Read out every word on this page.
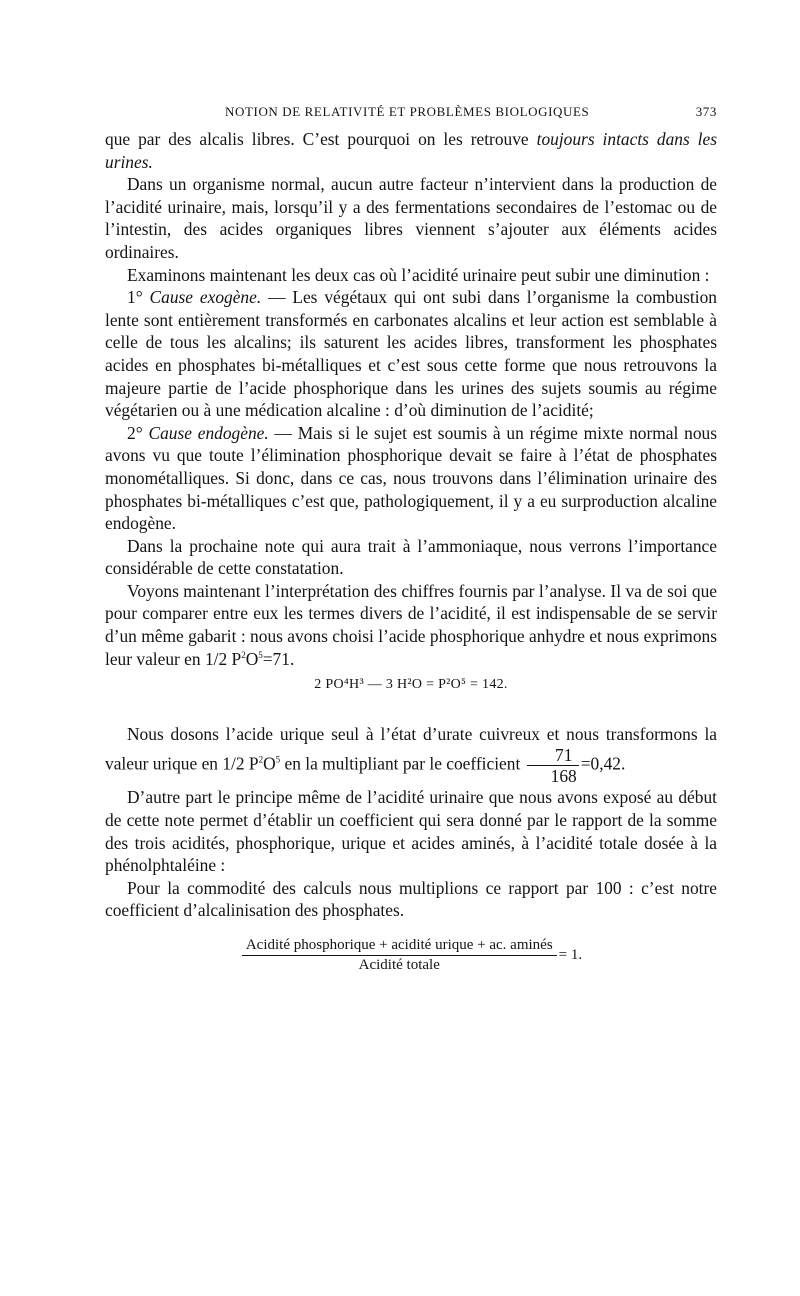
NOTION DE RELATIVITÉ ET PROBLÈMES BIOLOGIQUES	373

que par des alcalis libres. C’est pourquoi on les retrouve toujours intacts dans les urines.

Dans un organisme normal, aucun autre facteur n’intervient dans la production de l’acidité urinaire, mais, lorsqu’il y a des fermentations secondaires de l’estomac ou de l’intestin, des acides organiques libres viennent s’ajouter aux éléments acides ordinaires.

Examinons maintenant les deux cas où l’acidité urinaire peut subir une diminution :

1° Cause exogène. — Les végétaux qui ont subi dans l’organisme la combustion lente sont entièrement transformés en carbonates alcalins et leur action est semblable à celle de tous les alcalins; ils saturent les acides libres, transforment les phosphates acides en phosphates bi-métalliques et c’est sous cette forme que nous retrouvons la majeure partie de l’acide phosphorique dans les urines des sujets soumis au régime végétarien ou à une médication alcaline : d’où diminution de l’acidité;

2° Cause endogène. — Mais si le sujet est soumis à un régime mixte normal nous avons vu que toute l’élimination phosphorique devait se faire à l’état de phosphates monométalliques. Si donc, dans ce cas, nous trouvons dans l’élimination urinaire des phosphates bi-métalliques c’est que, pathologiquement, il y a eu surproduction alcaline endogène.

Dans la prochaine note qui aura trait à l’ammoniaque, nous verrons l’importance considérable de cette constatation.

Voyons maintenant l’interprétation des chiffres fournis par l’analyse. Il va de soi que pour comparer entre eux les termes divers de l’acidité, il est indispensable de se servir d’un même gabarit : nous avons choisi l’acide phosphorique anhydre et nous exprimons leur valeur en 1/2 $P^2O^5=71$.

2 PO⁴H³ — 3 H²O = P²O⁵ = 142.

Nous dosons l’acide urique seul à l’état d’urate cuivreux et nous transformons la valeur urique en 1/2 $P^2O^5$ en la multipliant par le coefficient $\frac{71}{168} =0,42$.

D’autre part le principe même de l’acidité urinaire que nous avons exposé au début de cette note permet d’établir un coefficient qui sera donné par le rapport de la somme des trois acidités, phosphorique, urique et acides aminés, à l’acidité totale dosée à la phénolphtaléine :

Pour la commodité des calculs nous multiplions ce rapport par 100 : c’est notre coefficient d’alcalinisation des phosphates.

$\frac{\text{Acidité phosphorique + acidité urique + ac. aminés}}{\text{Acidité totale}} = 1$.
